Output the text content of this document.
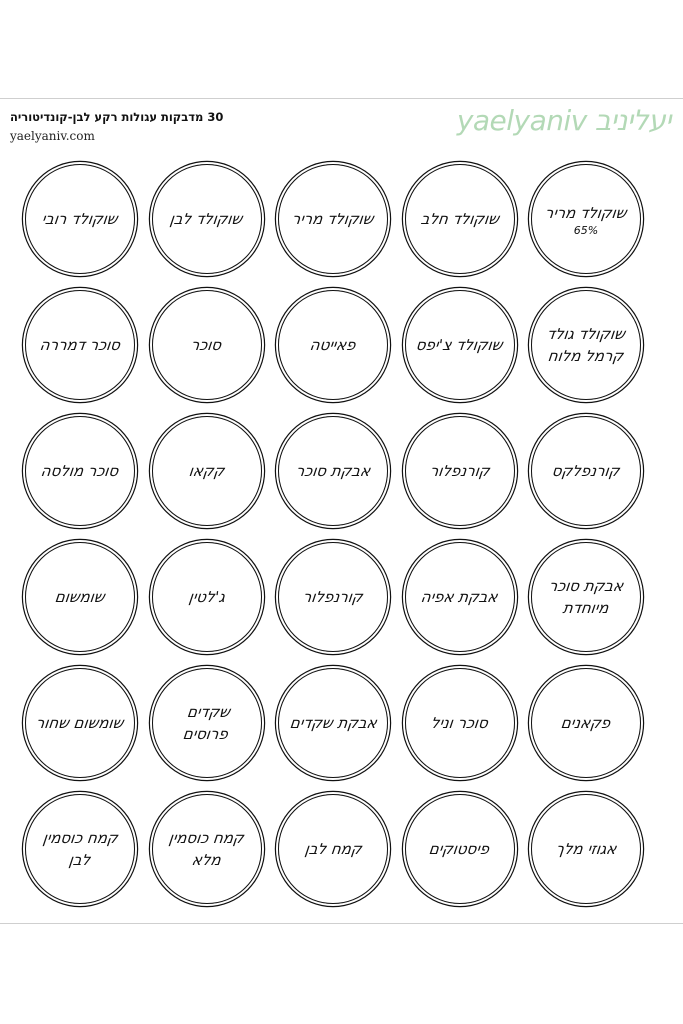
30 מדבקות עגולות רקע לבן-קונדיטוריה
yaelyaniv.com	yaelyaniv יעליניב
שוקולד מריר
65%
שוקולד חלב
שוקולד מריר
שוקולד לבן
שוקולד רובי
שוקולד גולד
קרמל מלוח
שוקולד צ'יפס
פאייטה
סוכר
סוכר דמררה
קורנפלקס
קורנפלור
אבקת סוכר
קקאו
סוכר מולסה
אבקת סוכר
מיוחדת
אבקת אפיה
קורנפלור
ג'לטין
שומשום
פקאנים
סוכר וניל
אבקת שקדים
שקדים פרוסים
שומשום שחור
אגוזי מלך
פיסטוקים
קמח לבן
קמח כוסמין
מלא
קמח כוסמין
לבן
